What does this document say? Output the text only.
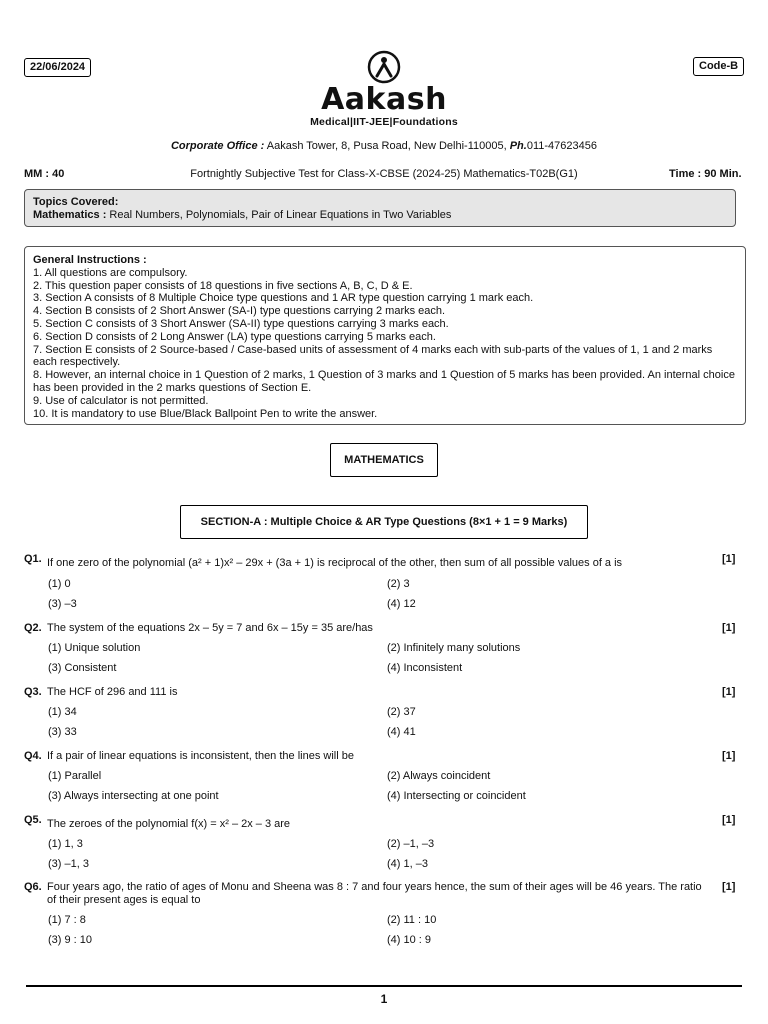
22/06/2024	Code-B
Aakash
Medical|IIT-JEE|Foundations
Corporate Office : Aakash Tower, 8, Pusa Road, New Delhi-110005, Ph.011-47623456
MM : 40	Fortnightly Subjective Test for Class-X-CBSE (2024-25) Mathematics-T02B(G1)	Time : 90 Min.
Topics Covered:
Mathematics : Real Numbers, Polynomials, Pair of Linear Equations in Two Variables

General Instructions :

1. All questions are compulsory.

2. This question paper consists of 18 questions in five sections A, B, C, D & E.

3. Section A consists of 8 Multiple Choice type questions and 1 AR type question carrying 1 mark each.

4. Section B consists of 2 Short Answer (SA-I) type questions carrying 2 marks each.

5. Section C consists of 3 Short Answer (SA-II) type questions carrying 3 marks each.

6. Section D consists of 2 Long Answer (LA) type questions carrying 5 marks each.

7. Section E consists of 2 Source-based / Case-based units of assessment of 4 marks each with sub-parts of the values of 1, 1 and 2 marks each respectively.

8. However, an internal choice in 1 Question of 2 marks, 1 Question of 3 marks and 1 Question of 5 marks has been provided. An internal choice has been provided in the 2 marks questions of Section E.

9. Use of calculator is not permitted.

10. It is mandatory to use Blue/Black Ballpoint Pen to write the answer.

MATHEMATICS
SECTION-A : Multiple Choice & AR Type Questions (8×1 + 1 = 9 Marks)
Q1. If one zero of the polynomial (a² + 1)x² – 29x + (3a + 1) is reciprocal of the other, then sum of all possible values of a is	[1]
(1) 0	(2) 3
(3) –3	(4) 12
Q2. The system of the equations 2x – 5y = 7 and 6x – 15y = 35 are/has	[1]
(1) Unique solution	(2) Infinitely many solutions
(3) Consistent	(4) Inconsistent
Q3. The HCF of 296 and 111 is	[1]
(1) 34	(2) 37
(3) 33	(4) 41
Q4. If a pair of linear equations is inconsistent, then the lines will be	[1]
(1) Parallel	(2) Always coincident
(3) Always intersecting at one point	(4) Intersecting or coincident
Q5. The zeroes of the polynomial f(x) = x² – 2x – 3 are	[1]
(1) 1, 3	(2) –1, –3
(3) –1, 3	(4) 1, –3
Q6. Four years ago, the ratio of ages of Monu and Sheena was 8 : 7 and four years hence, the sum of their ages will be 46 years. The ratio of their present ages is equal to
[1]
(1) 7 : 8	(2) 11 : 10
(3) 9 : 10	(4) 10 : 9
1
